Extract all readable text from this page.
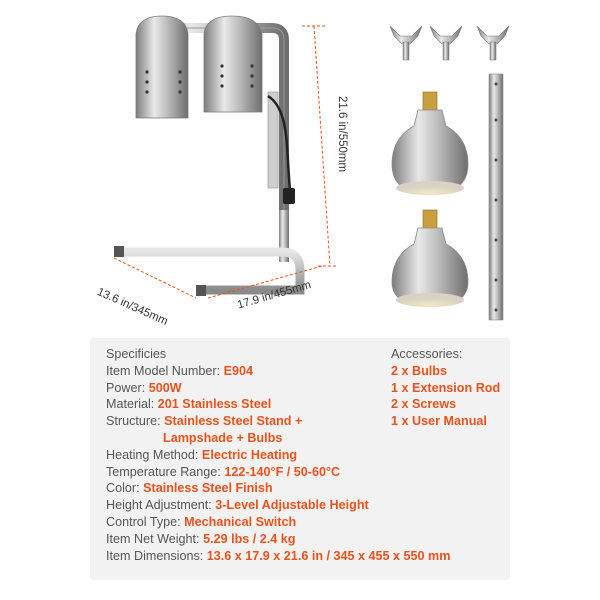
21.6 in/550mm
13.6 in/345mm	17.9 in/455mm
Specificies
Item Model Number: E904
Power: 500W
Material: 201 Stainless Steel
Structure: Stainless Steel Stand +
Lampshade + Bulbs
Heating Method: Electric Heating
Temperature Range: 122-140°F / 50-60°C
Color: Stainless Steel Finish
Height Adjustment: 3-Level Adjustable Height
Control Type: Mechanical Switch
Item Net Weight: 5.29 lbs / 2.4 kg
Item Dimensions: 13.6 x 17.9 x 21.6 in / 345 x 455 x 550 mm
Accessories:
2 x Bulbs
1 x Extension Rod
2 x Screws
1 x User Manual
